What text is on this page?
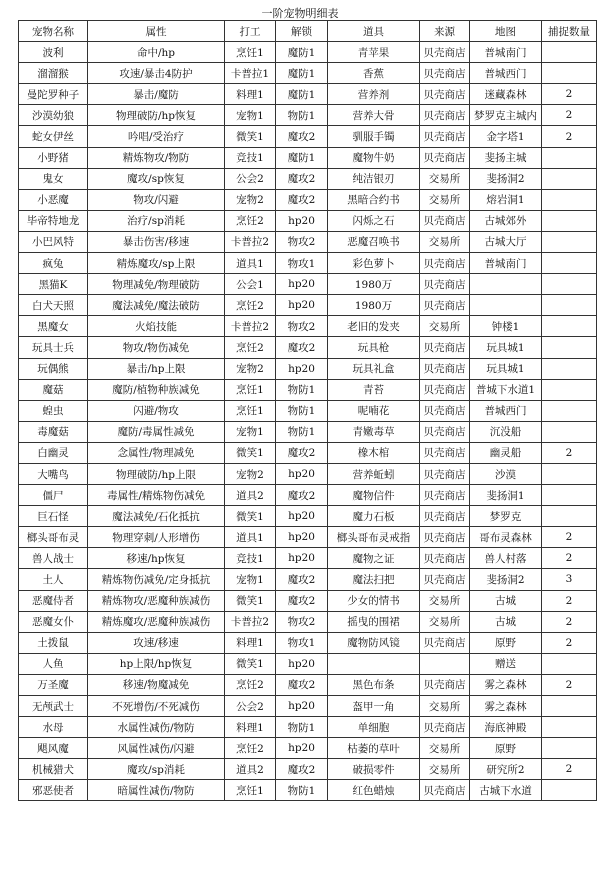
一阶宠物明细表
宠物名称	属性	打工	解锁	道具	来源	地图	捕捉数量
波利	命中/hp	烹饪1	魔防1	青苹果	贝壳商店	普城南门	
溜溜猴	攻速/暴击4防护	卡普拉1	魔防1	香蕉	贝壳商店	普城西门	
曼陀罗种子	暴击/魔防	料理1	魔防1	营养剂	贝壳商店	迷藏森林	2
沙漠幼狼	物理破防/hp恢复	宠物1	物防1	营养大骨	贝壳商店	梦罗克主城内	2
蛇女伊丝	吟唱/受治疗	微笑1	魔攻2	驯服手镯	贝壳商店	金字塔1	2
小野猪	精炼物攻/物防	竞技1	魔防1	魔物牛奶	贝壳商店	斐扬主城	
鬼女	魔攻/sp恢复	公会2	魔攻2	纯洁银刃	交易所	斐扬洞2	
小恶魔	物攻/闪避	宠物2	魔攻2	黑暗合约书	交易所	熔岩洞1	
毕帝特地龙	治疗/sp消耗	烹饪2	hp20	闪烁之石	贝壳商店	古城郊外	
小巴风特	暴击伤害/移速	卡普拉2	物攻2	恶魔召唤书	交易所	古城大厅	
疯兔	精炼魔攻/sp上限	道具1	物攻1	彩色萝卜	贝壳商店	普城南门	
黑猫K	物理减免/物理破防	公会1	hp20	1980万	贝壳商店		
白犬天照	魔法减免/魔法破防	烹饪2	hp20	1980万	贝壳商店		
黑魔女	火焰技能	卡普拉2	物攻2	老旧的发夹	交易所	钟楼1	
玩具士兵	物攻/物伤减免	烹饪2	魔攻2	玩具枪	贝壳商店	玩具城1	
玩偶熊	暴击/hp上限	宠物2	hp20	玩具礼盒	贝壳商店	玩具城1	
魔菇	魔防/植物种族减免	烹饪1	物防1	青苔	贝壳商店	普城下水道1	
蝗虫	闪避/物攻	烹饪1	物防1	呢喃花	贝壳商店	普城西门	
毒魔菇	魔防/毒属性减免	宠物1	物防1	青嫩毒草	贝壳商店	沉没船	
白幽灵	念属性/物理减免	微笑1	魔攻2	橡木棺	贝壳商店	幽灵船	2
大嘴鸟	物理破防/hp上限	宠物2	hp20	营养蚯蚓	贝壳商店	沙漠	
僵尸	毒属性/精炼物伤减免	道具2	魔攻2	魔物信件	贝壳商店	斐扬洞1	
巨石怪	魔法减免/石化抵抗	微笑1	hp20	魔力石板	贝壳商店	梦罗克	
榔头哥布灵	物理穿刺/人形增伤	道具1	hp20	榔头哥布灵戒指	贝壳商店	哥布灵森林	2
兽人战士	移速/hp恢复	竞技1	hp20	魔物之证	贝壳商店	兽人村落	2
土人	精炼物伤减免/定身抵抗	宠物1	魔攻2	魔法扫把	贝壳商店	斐扬洞2	3
恶魔侍者	精炼物攻/恶魔种族减伤	微笑1	魔攻2	少女的情书	交易所	古城	2
恶魔女仆	精炼魔攻/恶魔种族减伤	卡普拉2	物攻2	摇曳的围裙	交易所	古城	2
土拨鼠	攻速/移速	料理1	物攻1	魔物防风镜	贝壳商店	原野	2
人鱼	hp上限/hp恢复	微笑1	hp20			赠送	
万圣魔	移速/物魔减免	烹饪2	魔攻2	黑色布条	贝壳商店	雾之森林	2
无颅武士	不死增伤/不死减伤	公会2	hp20	盔甲一角	交易所	雾之森林	
水母	水属性减伤/物防	料理1	物防1	单细胞	贝壳商店	海底神殿	
飓风魔	风属性减伤/闪避	烹饪2	hp20	枯萎的草叶	交易所	原野	
机械猎犬	魔攻/sp消耗	道具2	魔攻2	破损零件	交易所	研究所2	2
邪恶使者	暗属性减伤/物防	烹饪1	物防1	红色蜡烛	贝壳商店	古城下水道	
